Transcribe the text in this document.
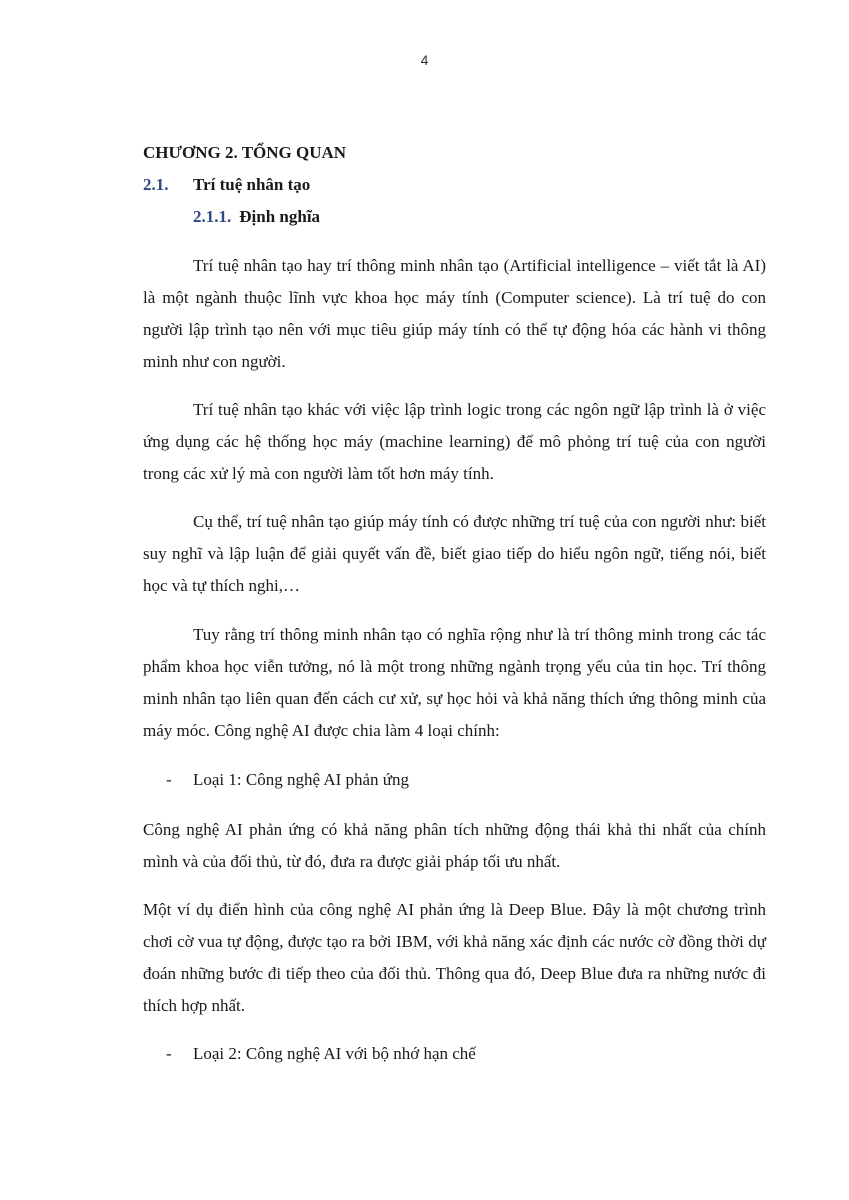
4
CHƯƠNG 2. TỔNG QUAN
2.1. Trí tuệ nhân tạo
2.1.1. Định nghĩa

Trí tuệ nhân tạo hay trí thông minh nhân tạo (Artificial intelligence – viết tắt là AI) là một ngành thuộc lĩnh vực khoa học máy tính (Computer science). Là trí tuệ do con người lập trình tạo nên với mục tiêu giúp máy tính có thể tự động hóa các hành vi thông minh như con người.

Trí tuệ nhân tạo khác với việc lập trình logic trong các ngôn ngữ lập trình là ở việc ứng dụng các hệ thống học máy (machine learning) để mô phỏng trí tuệ của con người trong các xử lý mà con người làm tốt hơn máy tính.

Cụ thể, trí tuệ nhân tạo giúp máy tính có được những trí tuệ của con người như: biết suy nghĩ và lập luận để giải quyết vấn đề, biết giao tiếp do hiểu ngôn ngữ, tiếng nói, biết học và tự thích nghi,…

Tuy rằng trí thông minh nhân tạo có nghĩa rộng như là trí thông minh trong các tác phẩm khoa học viễn tưởng, nó là một trong những ngành trọng yếu của tin học. Trí thông minh nhân tạo liên quan đến cách cư xử, sự học hỏi và khả năng thích ứng thông minh của máy móc. Công nghệ AI được chia làm 4 loại chính:

- Loại 1: Công nghệ AI phản ứng

Công nghệ AI phản ứng có khả năng phân tích những động thái khả thi nhất của chính mình và của đối thủ, từ đó, đưa ra được giải pháp tối ưu nhất.

Một ví dụ điển hình của công nghệ AI phản ứng là Deep Blue. Đây là một chương trình chơi cờ vua tự động, được tạo ra bởi IBM, với khả năng xác định các nước cờ đồng thời dự đoán những bước đi tiếp theo của đối thủ. Thông qua đó, Deep Blue đưa ra những nước đi thích hợp nhất.

- Loại 2: Công nghệ AI với bộ nhớ hạn chế
